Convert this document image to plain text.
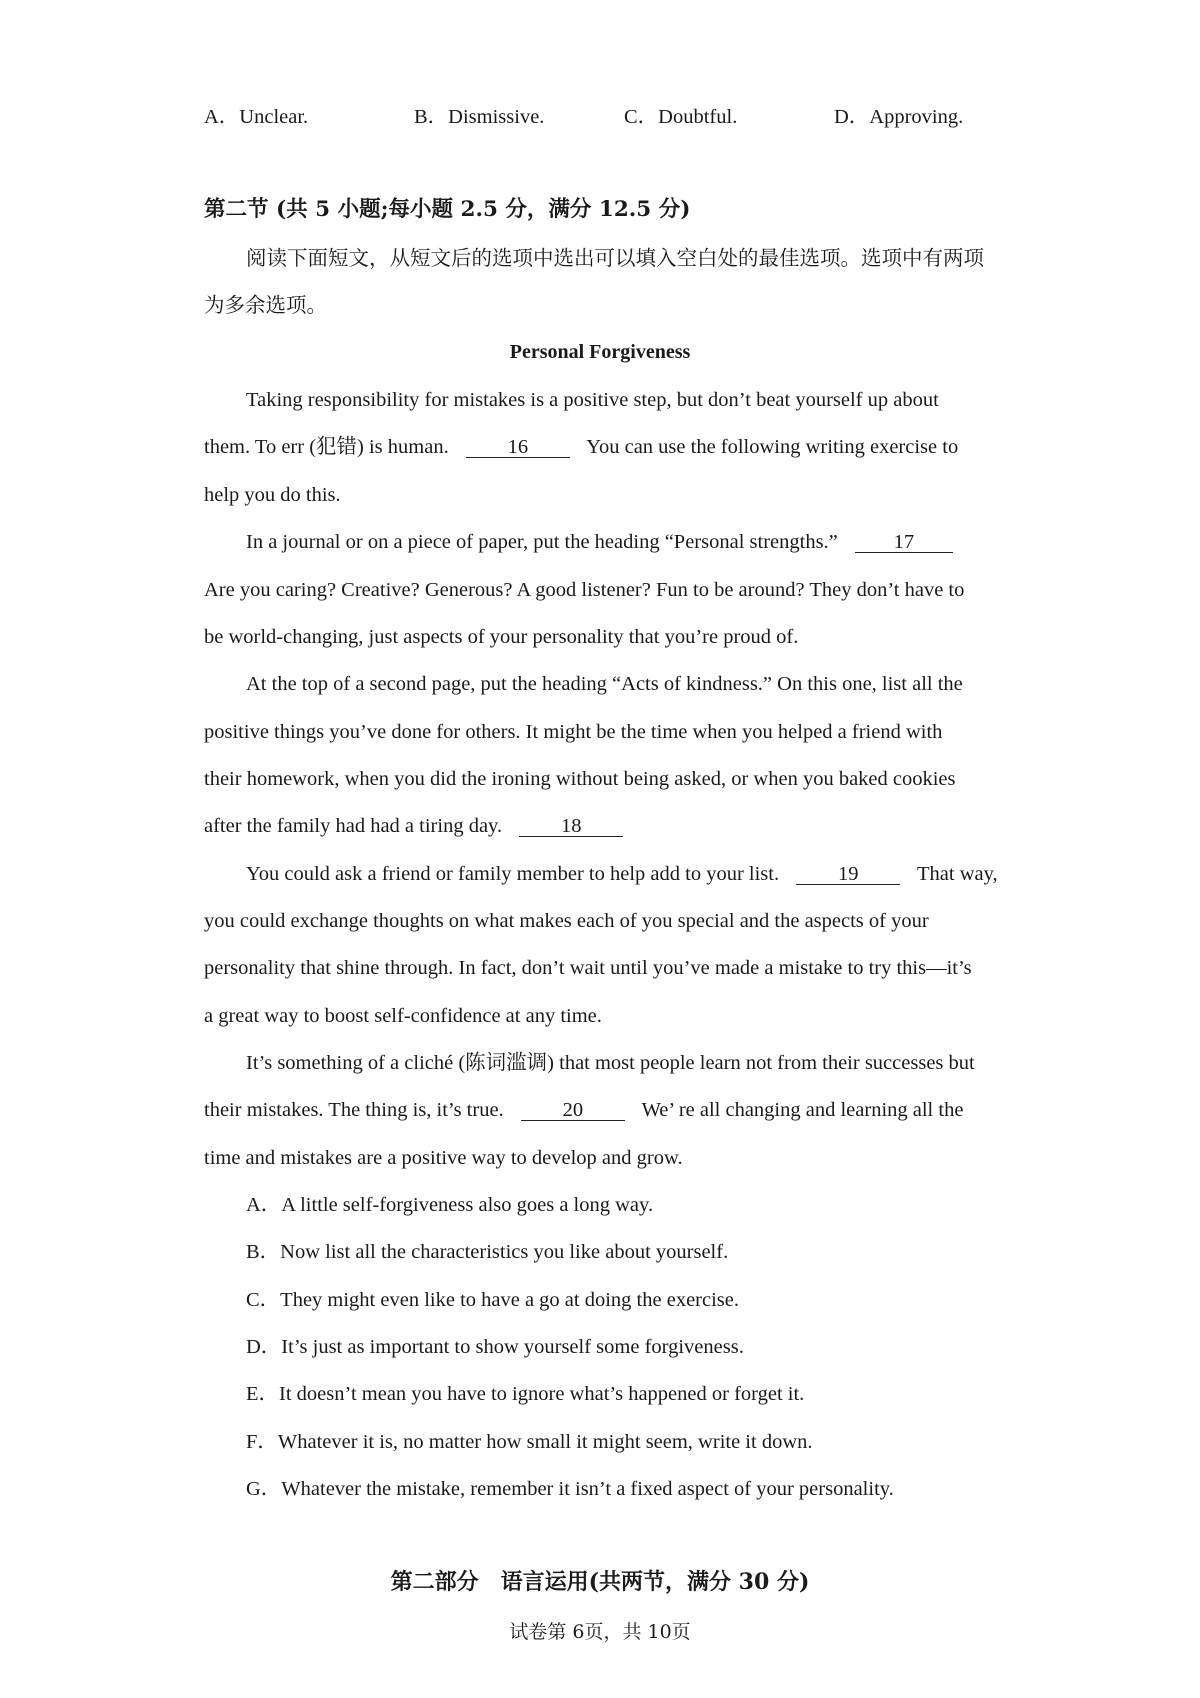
A．Unclear.	B．Dismissive.	C．Doubtful.	D．Approving.
第二节 (共 5 小题;每小题 2.5 分，满分 12.5 分)
阅读下面短文，从短文后的选项中选出可以填入空白处的最佳选项。选项中有两项
为多余选项。
Personal Forgiveness
Taking responsibility for mistakes is a positive step, but don’t beat yourself up about
them. To err (犯错) is human.	16	You can use the following writing exercise to
help you do this.
In a journal or on a piece of paper, put the heading “Personal strengths.”	17
Are you caring? Creative? Generous? A good listener? Fun to be around? They don’t have to
be world-changing, just aspects of your personality that you’re proud of.
At the top of a second page, put the heading “Acts of kindness.” On this one, list all the
positive things you’ve done for others. It might be the time when you helped a friend with
their homework, when you did the ironing without being asked, or when you baked cookies
after the family had had a tiring day.	18
You could ask a friend or family member to help add to your list.	19	That way,
you could exchange thoughts on what makes each of you special and the aspects of your
personality that shine through. In fact, don’t wait until you’ve made a mistake to try this—it’s
a great way to boost self-confidence at any time.
It’s something of a cliché (陈词滥调) that most people learn not from their successes but
their mistakes. The thing is, it’s true.	20	We’ re all changing and learning all the
time and mistakes are a positive way to develop and grow.
A．A little self-forgiveness also goes a long way.
B．Now list all the characteristics you like about yourself.
C．They might even like to have a go at doing the exercise.
D．It’s just as important to show yourself some forgiveness.
E．It doesn’t mean you have to ignore what’s happened or forget it.
F．Whatever it is, no matter how small it might seem, write it down.
G．Whatever the mistake, remember it isn’t a fixed aspect of your personality.
第二部分　语言运用(共两节，满分 30 分)
试卷第 6页，共 10页
